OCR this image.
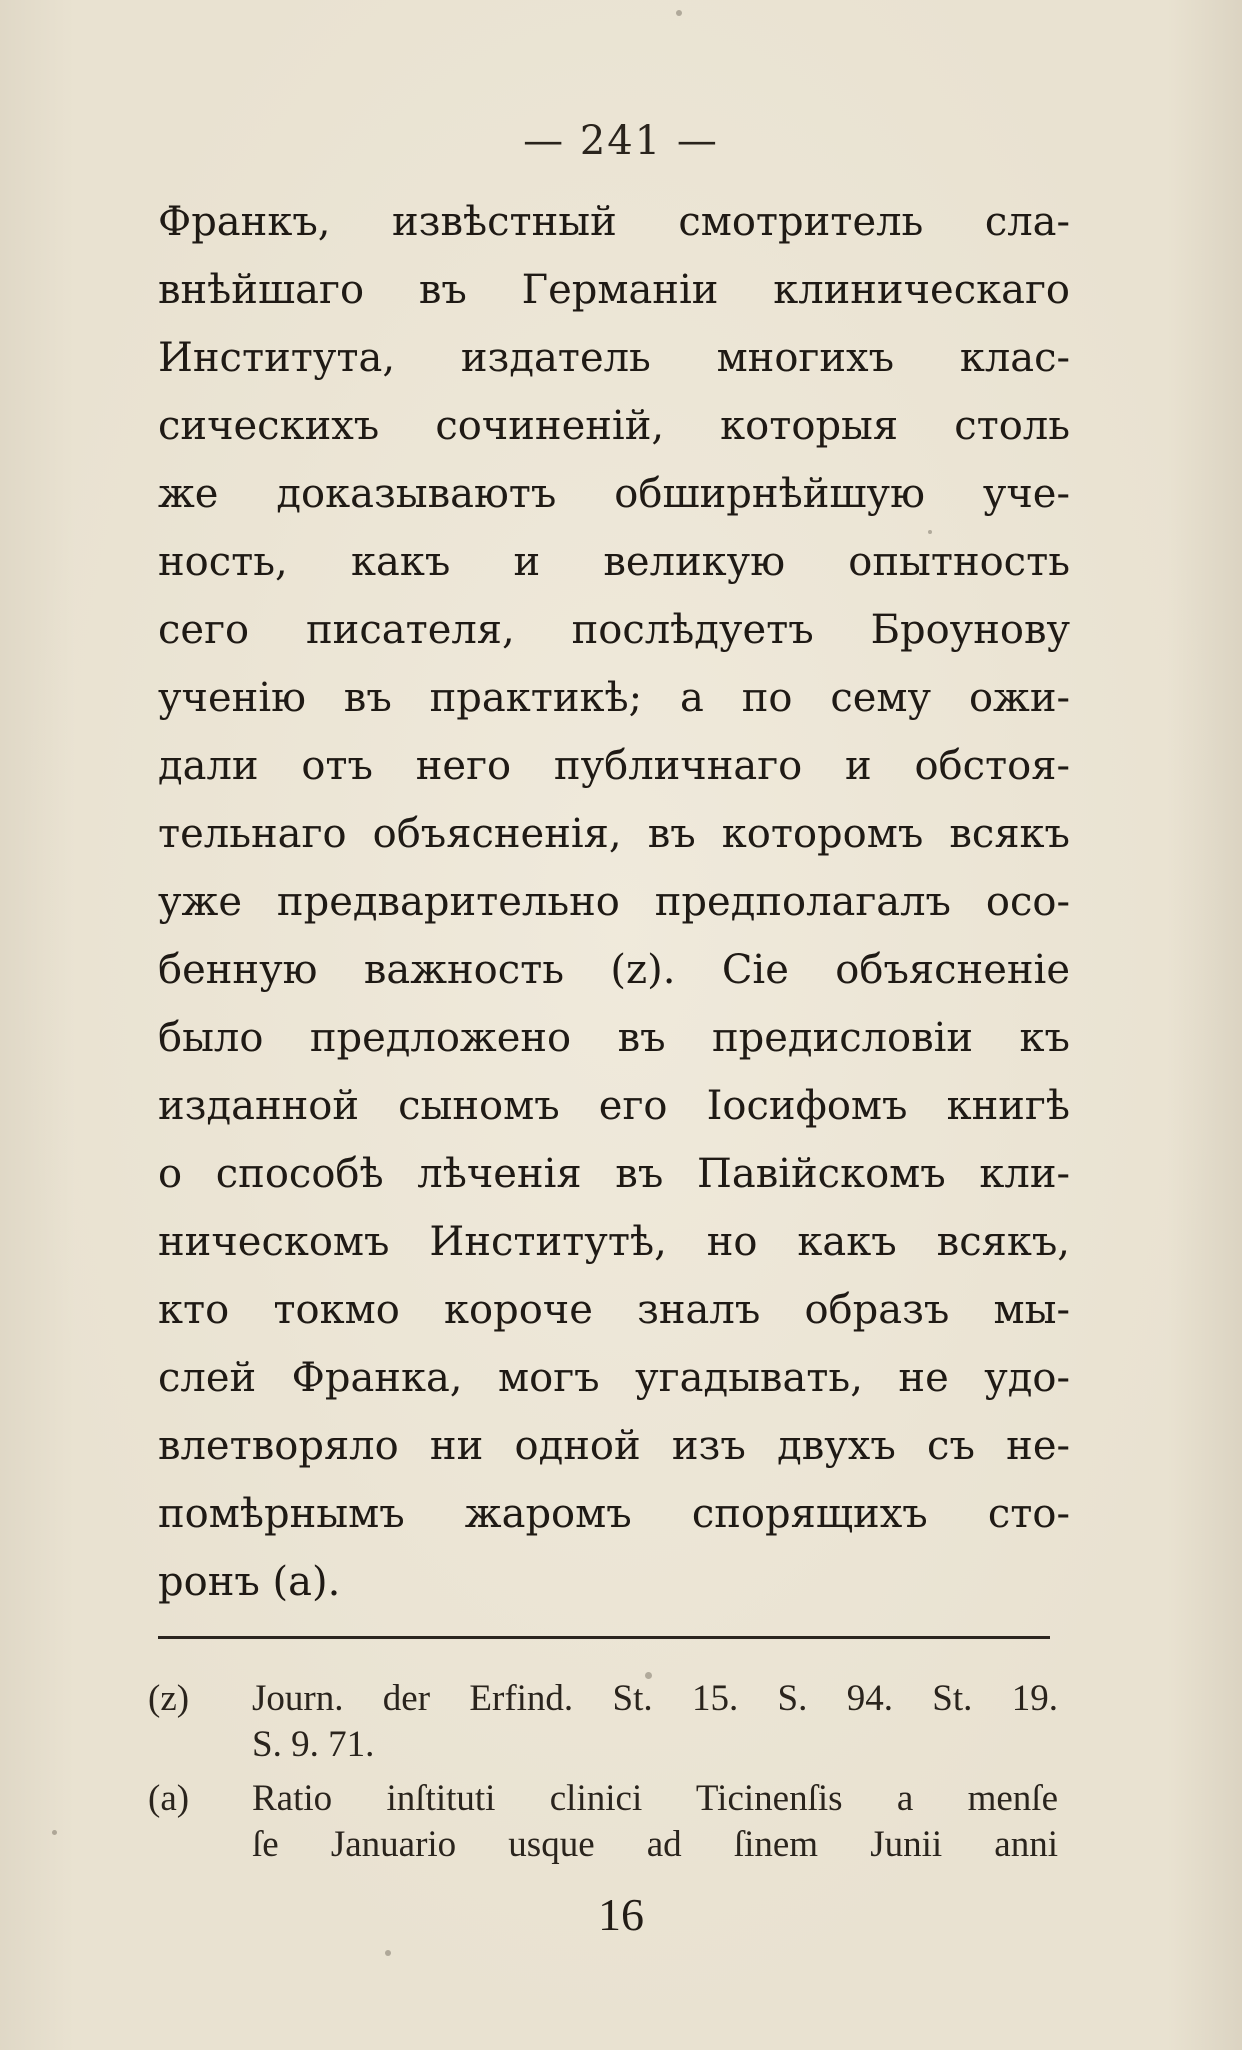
— 241 —
Франкъ, извѣстный смотритель сла-
внѣйшаго въ Германіи клиническаго
Института, издатель многихъ клас-
сическихъ сочиненій, которыя столь
же доказываютъ обширнѣйшую уче-
ность, какъ и великую опытность
сего писателя, послѣдуетъ Броунову
ученію въ практикѣ; а по сему ожи-
дали отъ него публичнаго и обстоя-
тельнаго объясненія, въ которомъ всякъ
уже предварительно предполагалъ осо-
бенную важность (z). Сіе объясненіе
было предложено въ предисловіи къ
изданной сыномъ его Іосифомъ книгѣ
о способѣ лѣченія въ Павійскомъ кли-
ническомъ Институтѣ, но какъ всякъ,
кто токмо короче зналъ образъ мы-
слей Франка, могъ угадывать, не удо-
влетворяло ни одной изъ двухъ съ не-
помѣрнымъ жаромъ спорящихъ сто-
ронъ (a).
(z)	Journ. der Erfind. St. 15. S. 94. St. 19.
S. 9. 71.
(a)	Ratio inſtituti clinici Ticinenſis a menſe
ſe Januario usque ad ſinem Junii anni
16
